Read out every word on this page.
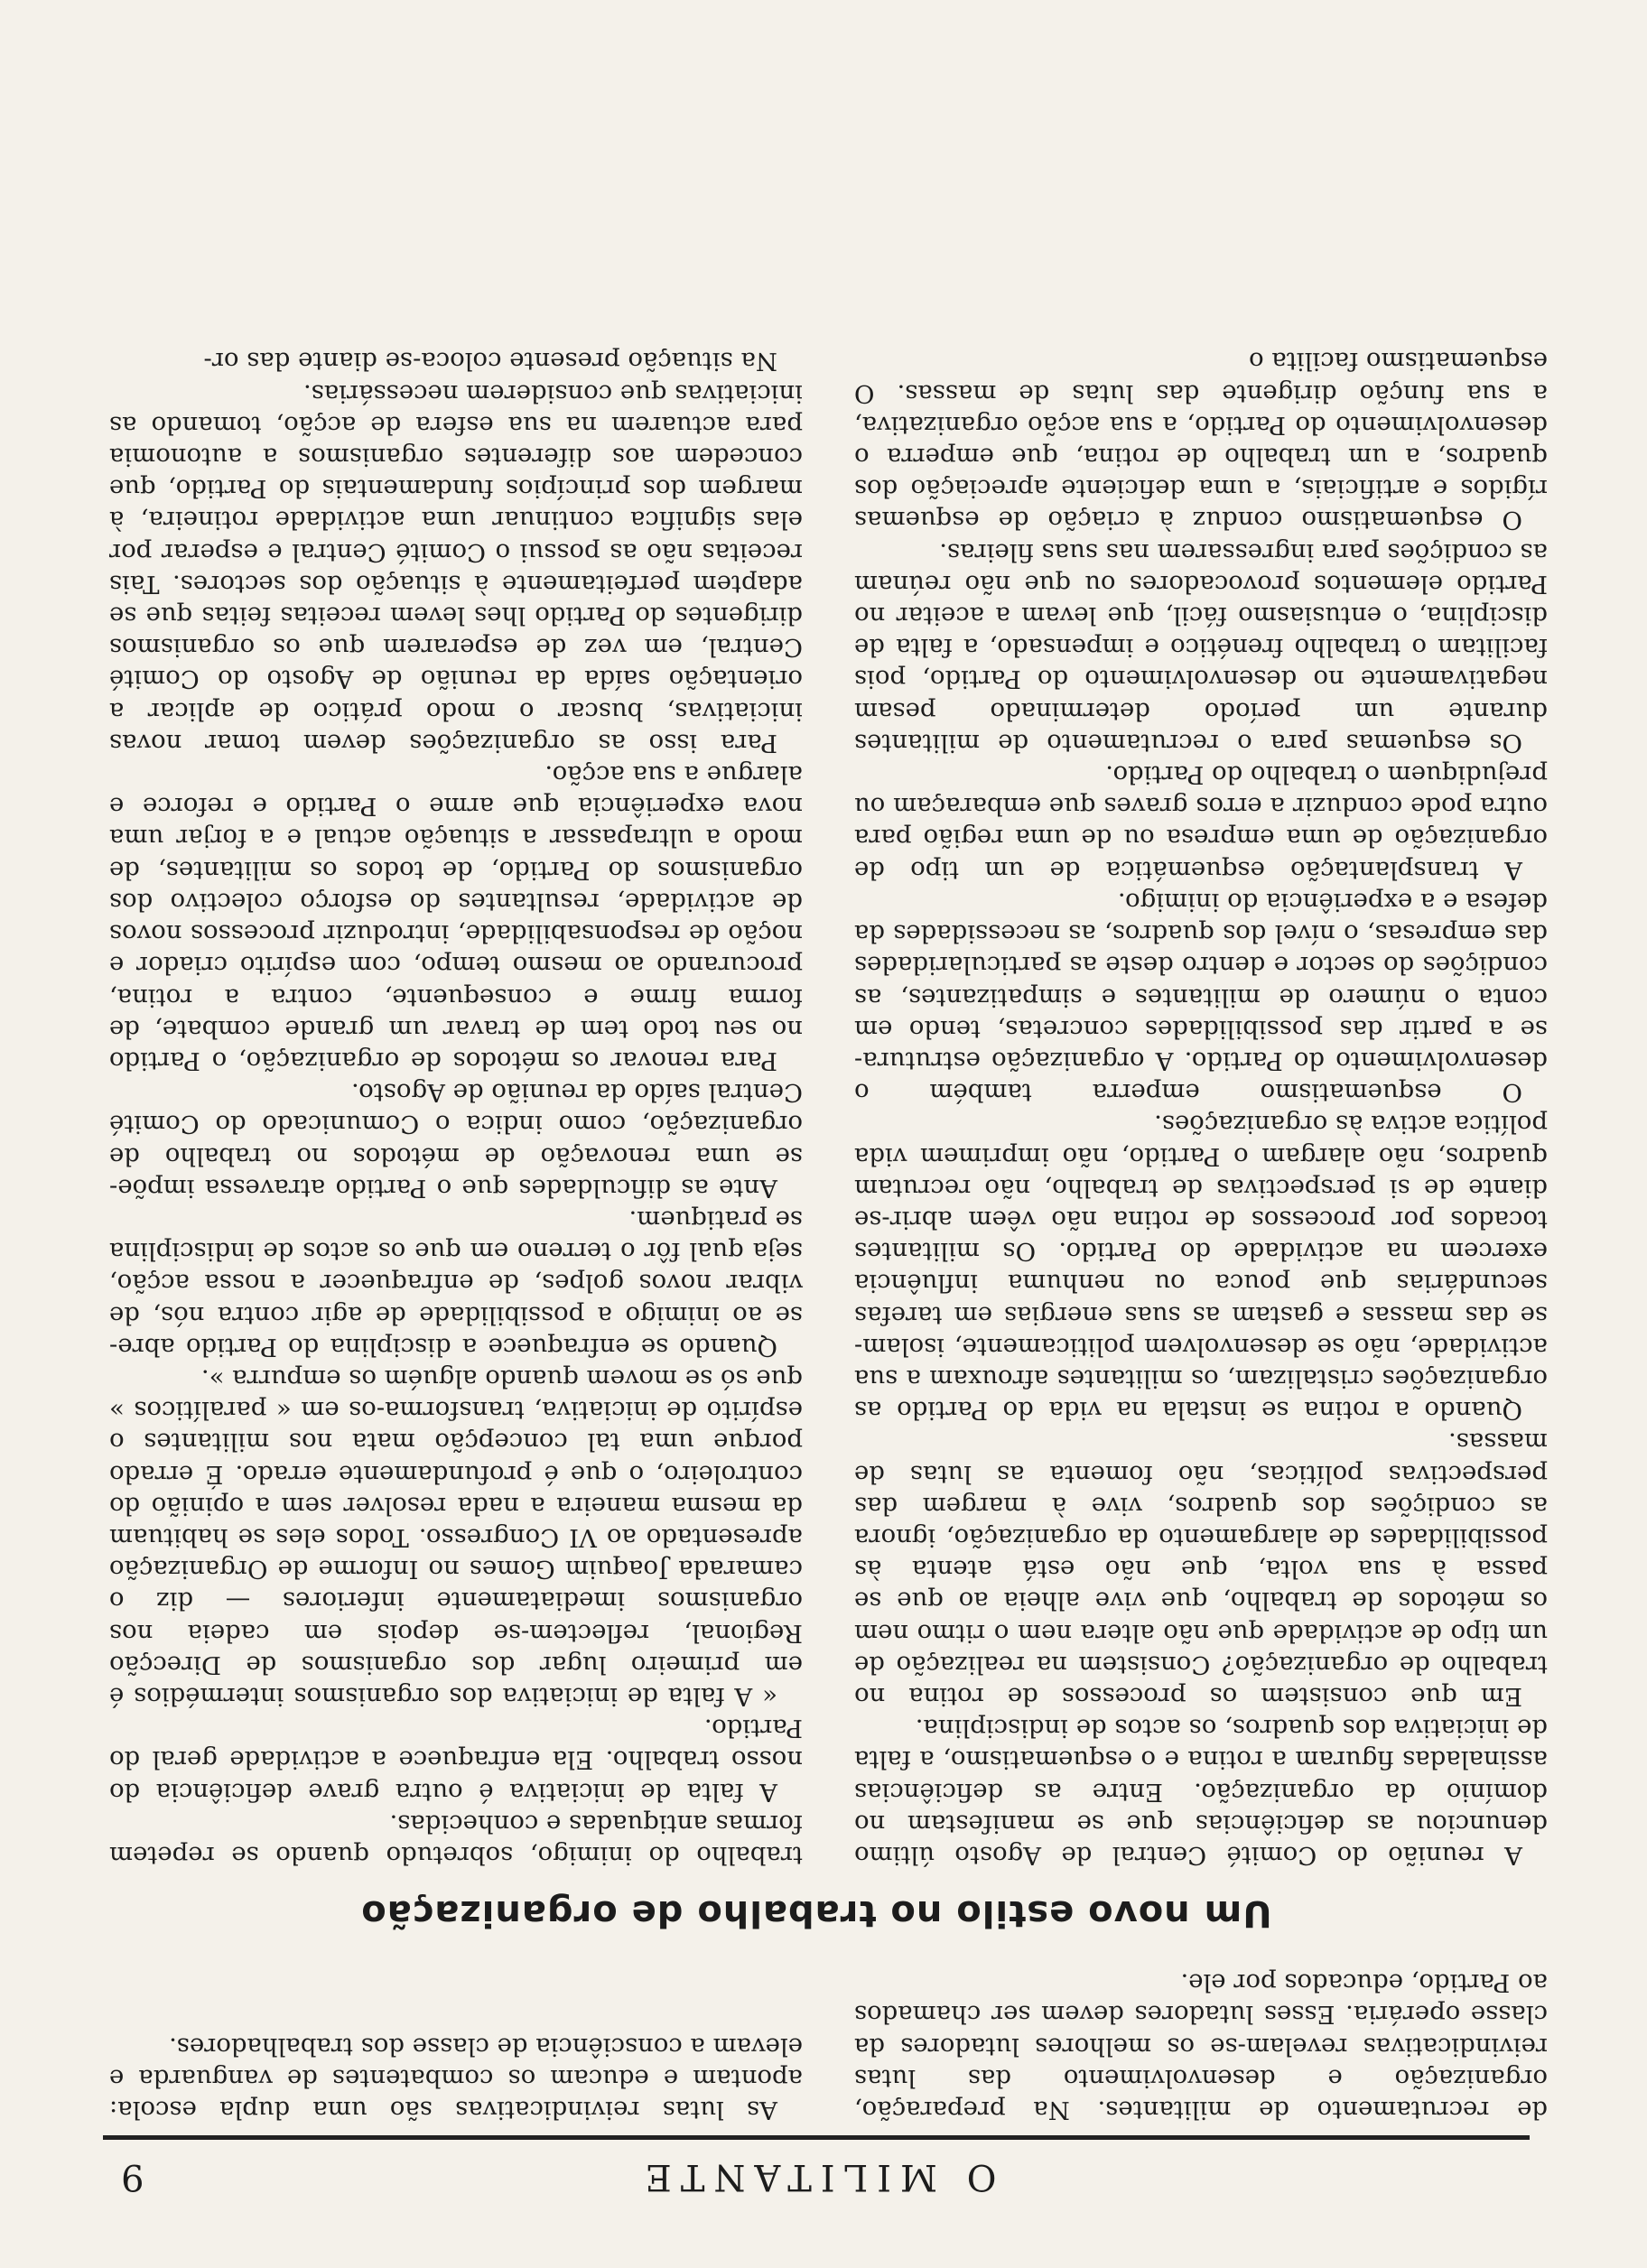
O MILITANTE
9

de recrutamento de militantes. Na preparação, organização e desenvolvimento das lutas reivindicativas revelam-se os melhores lutadores da classe operária. Esses lutadores devem ser chamados ao Partido, educados por ele.

As lutas reivindicativas são uma dupla escola: apontam e educam os combatentes de vanguarda e elevam a consciência de classe dos trabalhadores.

Um novo estilo no trabalho de organização

A reunião do Comité Central de Agosto último denunciou as deficiências que se manifestam no domínio da organização. Entre as deficiências assinaladas figuram a rotina e o esquematismo, a falta de iniciativa dos quadros, os actos de indisciplina.

Em que consistem os processos de rotina no trabalho de organização? Consistem na realização de um tipo de actividade que não altera nem o ritmo nem os métodos de trabalho, que vive alheia ao que se passa à sua volta, que não está atenta às possibilidades de alargamento da organização, ignora as condições dos quadros, vive à margem das perspectivas políticas, não fomenta as lutas de massas.

Quando a rotina se instala na vida do Partido as organizações cristalizam, os militantes afrouxam a sua actividade, não se desenvolvem politicamente, isolam-se das massas e gastam as suas energias em tarefas secundárias que pouca ou nenhuma influência exercem na actividade do Partido. Os militantes tocados por processos de rotina não vêem abrir-se diante de si perspectivas de trabalho, não recrutam quadros, não alargam o Partido, não imprimem vida política activa às organizações.

O esquematismo emperra também o desenvolvimento do Partido. A organização estrutura-se a partir das possibilidades concretas, tendo em conta o número de militantes e simpatizantes, as condições do sector e dentro deste as particularidades das empresas, o nível dos quadros, as necessidades da defesa e a experiência do inimigo.

A transplantação esquemática de um tipo de organização de uma empresa ou de uma região para outra pode conduzir a erros graves que embaraçam ou prejudiquem o trabalho do Partido.

Os esquemas para o recrutamento de militantes durante um período determinado pesam negativamente no desenvolvimento do Partido, pois facilitam o trabalho frenético e impensado, a falta de disciplina, o entusiasmo fácil, que levam a aceitar no Partido elementos provocadores ou que não reúnam as condições para ingressarem nas suas fileiras.

O esquematismo conduz à criação de esquemas rígidos e artificiais, a uma deficiente apreciação dos quadros, a um trabalho de rotina, que emperra o desenvolvimento do Partido, a sua acção organizativa, a sua função dirigente das lutas de massas. O esquematismo facilita o

trabalho do inimigo, sobretudo quando se repetem formas antiquadas e conhecidas.

A falta de iniciativa é outra grave deficiência do nosso trabalho. Ela enfraquece a actividade geral do Partido.

« A falta de iniciativa dos organismos intermédios é em primeiro lugar dos organismos de Direcção Regional, reflectem-se depois em cadeia nos organismos imediatamente inferiores — diz o camarada Joaquim Gomes no Informe de Organização apresentado ao VI Congresso. Todos eles se habituam da mesma maneira a nada resolver sem a opinião do controleiro, o que é profundamente errado. É errado porque uma tal concepção mata nos militantes o espírito de iniciativa, transforma-os em « paralíticos » que só se movem quando alguém os empurra ».

Quando se enfraquece a disciplina do Partido abre-se ao inimigo a possibilidade de agir contra nós, de vibrar novos golpes, de enfraquecer a nossa acção, seja qual fôr o terreno em que os actos de indisciplina se pratiquem.

Ante as dificuldades que o Partido atravessa impõe-se uma renovação de métodos no trabalho de organização, como indica o Comunicado do Comité Central saído da reunião de Agosto.

Para renovar os métodos de organização, o Partido no seu todo tem de travar um grande combate, de forma firme e consequente, contra a rotina, procurando ao mesmo tempo, com espírito criador e noção de responsabilidade, introduzir processos novos de actividade, resultantes do esforço colectivo dos organismos do Partido, de todos os militantes, de modo a ultrapassar a situação actual e a forjar uma nova experiência que arme o Partido e reforce e alargue a sua acção.

Para isso as organizações devem tomar novas iniciativas, buscar o modo prático de aplicar a orientação saída da reunião de Agosto do Comité Central, em vez de esperarem que os organismos dirigentes do Partido lhes levem receitas feitas que se adaptem perfeitamente à situação dos sectores. Tais receitas não as possui o Comité Central e esperar por elas significa continuar uma actividade rotineira, à margem dos princípios fundamentais do Partido, que concedem aos diferentes organismos a autonomia para actuarem na sua esfera de acção, tomando as iniciativas que considerem necessárias.

Na situação presente coloca-se diante das or-
